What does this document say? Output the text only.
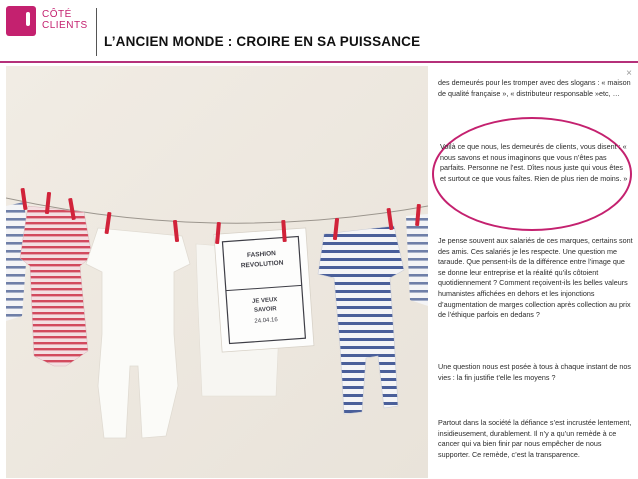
CÔTÉ
CLIENTS
L’ANCIEN MONDE : CROIRE EN SA PUISSANCE
FASHION
REVOLUTION
JE VEUX
SAVOIR
24.04.16
×
des demeurés pour les tromper avec des slogans : « maison de qualité française », « distributeur responsable »etc, …
Voilà ce que nous, les demeurés de clients, vous disent : « nous savons et nous imaginons que vous n’êtes pas parfaits. Personne ne l’est. Dîtes nous juste qui vous êtes et surtout ce que vous faîtes. Rien de plus rien de moins. »
Je pense souvent aux salariés de ces marques, certains sont des amis. Ces salariés je les respecte. Une question me taraude. Que pensent-ils de la différence entre l’image que se donne leur entreprise et la réalité qu’ils côtoient quotidiennement ? Comment reçoivent-ils les belles valeurs humanistes affichées en dehors et les injonctions d’augmentation de marges collection après collection au prix de l’éthique parfois en dedans ?
Une question nous est posée à tous à chaque instant de nos vies : la fin justifie t’elle les moyens ?
Partout dans la société la défiance s’est incrustée lentement, insidieusement, durablement. Il n’y a qu’un remède à ce cancer qui va bien finir par nous empêcher de nous supporter. Ce remède, c’est la transparence.
